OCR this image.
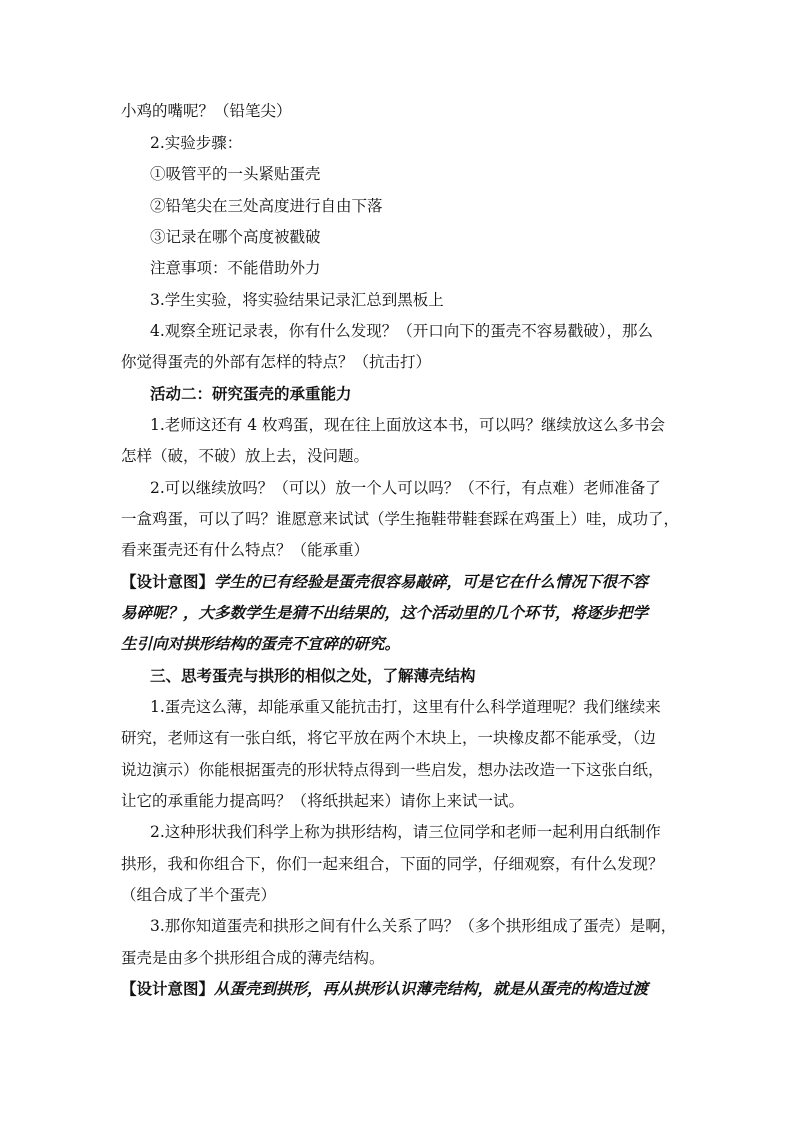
小鸡的嘴呢？（铅笔尖）
2.实验步骤：
①吸管平的一头紧贴蛋壳
②铅笔尖在三处高度进行自由下落
③记录在哪个高度被戳破
注意事项：不能借助外力
3.学生实验，将实验结果记录汇总到黑板上
4.观察全班记录表，你有什么发现？（开口向下的蛋壳不容易戳破），那么
你觉得蛋壳的外部有怎样的特点？（抗击打）
活动二：研究蛋壳的承重能力
1.老师这还有 4 枚鸡蛋，现在往上面放这本书，可以吗？继续放这么多书会
怎样（破，不破）放上去，没问题。
2.可以继续放吗？（可以）放一个人可以吗？（不行，有点难）老师准备了
一盒鸡蛋，可以了吗？谁愿意来试试（学生拖鞋带鞋套踩在鸡蛋上）哇，成功了，
看来蛋壳还有什么特点？（能承重）
【设计意图】学生的已有经验是蛋壳很容易敲碎，可是它在什么情况下很不容
易碎呢？，大多数学生是猜不出结果的，这个活动里的几个环节，将逐步把学
生引向对拱形结构的蛋壳不宜碎的研究。
三、思考蛋壳与拱形的相似之处，了解薄壳结构
1.蛋壳这么薄，却能承重又能抗击打，这里有什么科学道理呢？我们继续来
研究，老师这有一张白纸，将它平放在两个木块上，一块橡皮都不能承受，（边
说边演示）你能根据蛋壳的形状特点得到一些启发，想办法改造一下这张白纸，
让它的承重能力提高吗？（将纸拱起来）请你上来试一试。
2.这种形状我们科学上称为拱形结构，请三位同学和老师一起利用白纸制作
拱形，我和你组合下，你们一起来组合，下面的同学，仔细观察，有什么发现？
（组合成了半个蛋壳）
3.那你知道蛋壳和拱形之间有什么关系了吗？（多个拱形组成了蛋壳）是啊，
蛋壳是由多个拱形组合成的薄壳结构。
【设计意图】从蛋壳到拱形，再从拱形认识薄壳结构，就是从蛋壳的构造过渡
